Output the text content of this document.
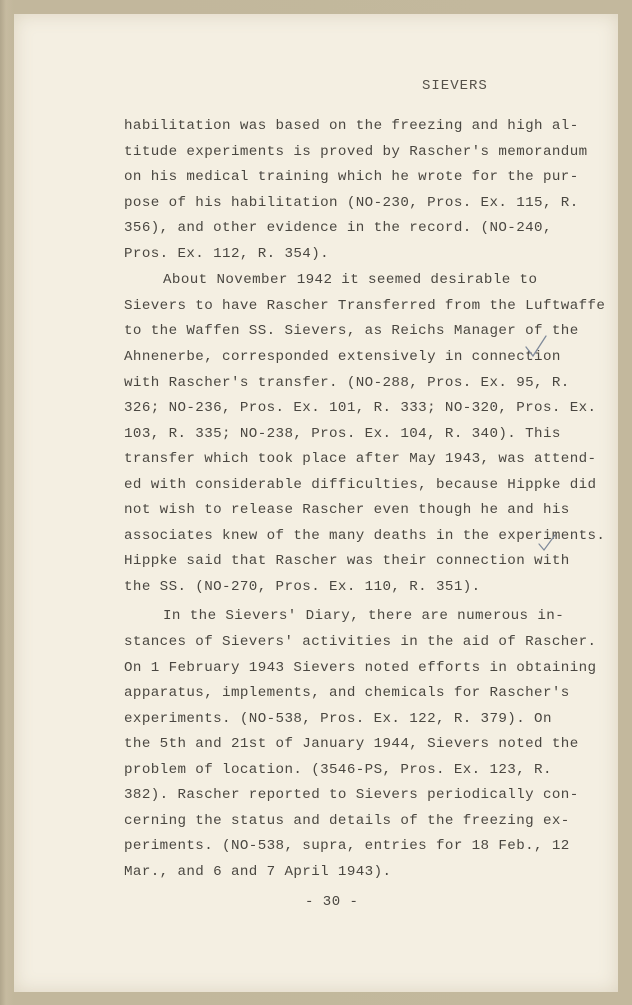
SIEVERS
habilitation was based on the freezing and high al-
titude experiments is proved by Rascher's memorandum
on his medical training which he wrote for the pur-
pose of his habilitation (NO-230, Pros. Ex. 115, R.
356), and other evidence in the record. (NO-240,
Pros. Ex. 112, R. 354).
About November 1942 it seemed desirable to
Sievers to have Rascher Transferred from the Luftwaffe
to the Waffen SS. Sievers, as Reichs Manager of the
Ahnenerbe, corresponded extensively in connection
with Rascher's transfer. (NO-288, Pros. Ex. 95, R.
326; NO-236, Pros. Ex. 101, R. 333; NO-320, Pros. Ex.
103, R. 335; NO-238, Pros. Ex. 104, R. 340). This
transfer which took place after May 1943, was attend-
ed with considerable difficulties, because Hippke did
not wish to release Rascher even though he and his
associates knew of the many deaths in the experiments.
Hippke said that Rascher was their connection with
the SS. (NO-270, Pros. Ex. 110, R. 351).
In the Sievers' Diary, there are numerous in-
stances of Sievers' activities in the aid of Rascher.
On 1 February 1943 Sievers noted efforts in obtaining
apparatus, implements, and chemicals for Rascher's
experiments. (NO-538, Pros. Ex. 122, R. 379). On
the 5th and 21st of January 1944, Sievers noted the
problem of location. (3546-PS, Pros. Ex. 123, R.
382). Rascher reported to Sievers periodically con-
cerning the status and details of the freezing ex-
periments. (NO-538, supra, entries for 18 Feb., 12
Mar., and 6 and 7 April 1943).
- 30 -
